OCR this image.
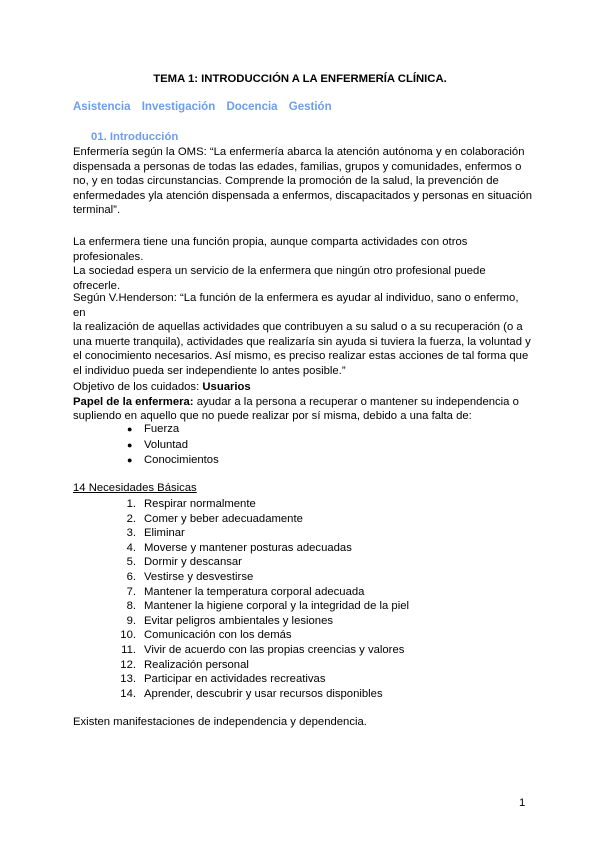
TEMA 1: INTRODUCCIÓN A LA ENFERMERÍA CLÍNICA.
Asistencia Investigación Docencia Gestión
01. Introducción
Enfermería según la OMS: “La enfermería abarca la atención autónoma y en colaboración
dispensada a personas de todas las edades, familias, grupos y comunidades, enfermos o
no, y en todas circunstancias. Comprende la promoción de la salud, la prevención de
enfermedades yla atención dispensada a enfermos, discapacitados y personas en situación
terminal”.
La enfermera tiene una función propia, aunque comparta actividades con otros
profesionales.
La sociedad espera un servicio de la enfermera que ningún otro profesional puede ofrecerle.
Según V.Henderson: “La función de la enfermera es ayudar al individuo, sano o enfermo, en
la realización de aquellas actividades que contribuyen a su salud o a su recuperación (o a
una muerte tranquila), actividades que realizaría sin ayuda si tuviera la fuerza, la voluntad y
el conocimiento necesarios. Así mismo, es preciso realizar estas acciones de tal forma que
el individuo pueda ser independiente lo antes posible.”
Objetivo de los cuidados: Usuarios
Papel de la enfermera: ayudar a la persona a recuperar o mantener su independencia o
supliendo en aquello que no puede realizar por sí misma, debido a una falta de:
● Fuerza
● Voluntad
● Conocimientos
14 Necesidades Básicas
1. Respirar normalmente
2. Comer y beber adecuadamente
3. Eliminar
4. Moverse y mantener posturas adecuadas
5. Dormir y descansar
6. Vestirse y desvestirse
7. Mantener la temperatura corporal adecuada
8. Mantener la higiene corporal y la integridad de la piel
9. Evitar peligros ambientales y lesiones
10. Comunicación con los demás
11. Vivir de acuerdo con las propias creencias y valores
12. Realización personal
13. Participar en actividades recreativas
14. Aprender, descubrir y usar recursos disponibles
Existen manifestaciones de independencia y dependencia.
1
